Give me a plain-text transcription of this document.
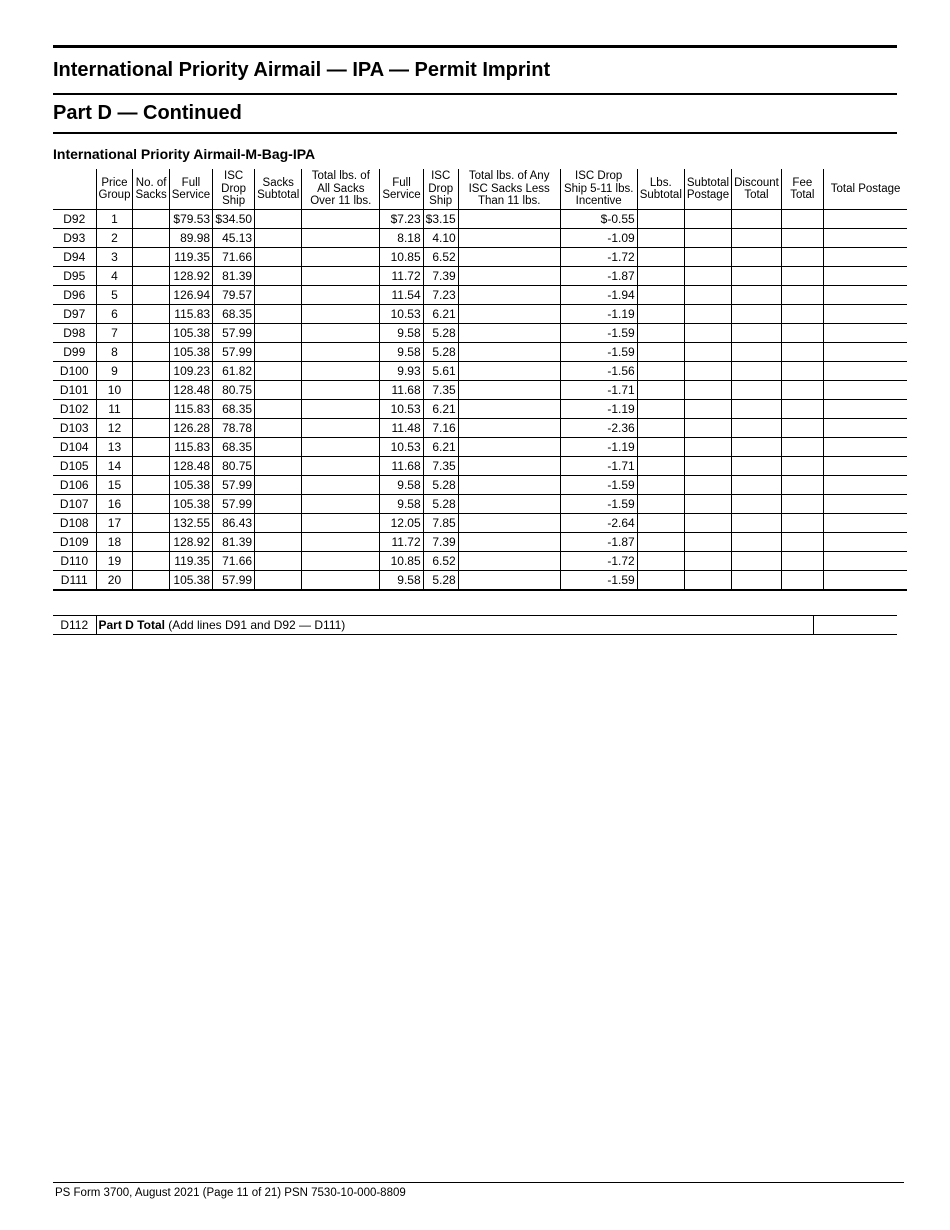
International Priority Airmail — IPA — Permit Imprint
Part D — Continued
International Priority Airmail-M-Bag-IPA
	Price Group	No. of Sacks	Full Service	ISC Drop Ship	Sacks Subtotal	Total lbs. of All Sacks Over 11 lbs.	Full Service	ISC Drop Ship	Total lbs. of Any ISC Sacks Less Than 11 lbs.	ISC Drop Ship 5-11 lbs. Incentive	Lbs. Subtotal	Subtotal Postage	Discount Total	Fee Total	Total Postage
D92	1		$79.53	$34.50			$7.23	$3.15		$-0.55					
D93	2		89.98	45.13			8.18	4.10		-1.09					
D94	3		119.35	71.66			10.85	6.52		-1.72					
D95	4		128.92	81.39			11.72	7.39		-1.87					
D96	5		126.94	79.57			11.54	7.23		-1.94					
D97	6		115.83	68.35			10.53	6.21		-1.19					
D98	7		105.38	57.99			9.58	5.28		-1.59					
D99	8		105.38	57.99			9.58	5.28		-1.59					
D100	9		109.23	61.82			9.93	5.61		-1.56					
D101	10		128.48	80.75			11.68	7.35		-1.71					
D102	11		115.83	68.35			10.53	6.21		-1.19					
D103	12		126.28	78.78			11.48	7.16		-2.36					
D104	13		115.83	68.35			10.53	6.21		-1.19					
D105	14		128.48	80.75			11.68	7.35		-1.71					
D106	15		105.38	57.99			9.58	5.28		-1.59					
D107	16		105.38	57.99			9.58	5.28		-1.59					
D108	17		132.55	86.43			12.05	7.85		-2.64					
D109	18		128.92	81.39			11.72	7.39		-1.87					
D110	19		119.35	71.66			10.85	6.52		-1.72					
D111	20		105.38	57.99			9.58	5.28		-1.59					
D112	Part D Total (Add lines D91 and D92 — D111)	
PS Form 3700, August 2021 (Page 11 of 21) PSN 7530-10-000-8809
